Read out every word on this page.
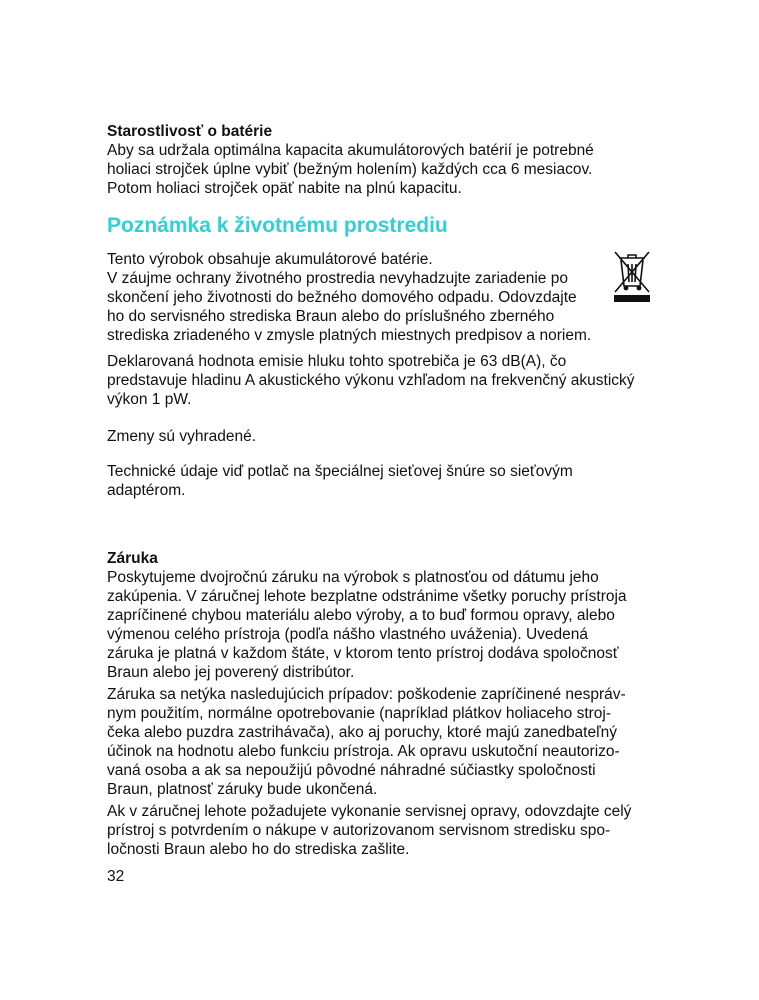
Starostlivosť o batérie
Aby sa udržala optimálna kapacita akumulátorových batérií je potrebné
holiaci strojček úplne vybiť (bežným holením) každých cca 6 mesiacov.
Potom holiaci strojček opäť nabite na plnú kapacitu.
Poznámka k životnému prostrediu
Tento výrobok obsahuje akumulátorové batérie.
V záujme ochrany životného prostredia nevyhadzujte zariadenie po
skončení jeho životnosti do bežného domového odpadu. Odovzdajte
ho do servisného strediska Braun alebo do príslušného zberného
strediska zriadeného v zmysle platných miestnych predpisov a noriem.
Deklarovaná hodnota emisie hluku tohto spotrebiča je 63 dB(A), čo
predstavuje hladinu A akustického výkonu vzhľadom na frekvenčný akustický
výkon 1 pW.
Zmeny sú vyhradené.
Technické údaje viď potlač na špeciálnej sieťovej šnúre so sieťovým
adaptérom.
Záruka
Poskytujeme dvojročnú záruku na výrobok s platnosťou od dátumu jeho
zakúpenia. V záručnej lehote bezplatne odstránime všetky poruchy prístroja
zapríčinené chybou materiálu alebo výroby, a to buď formou opravy, alebo
výmenou celého prístroja (podľa nášho vlastného uváženia). Uvedená
záruka je platná v každom štáte, v ktorom tento prístroj dodáva spoločnosť
Braun alebo jej poverený distribútor.
Záruka sa netýka nasledujúcich prípadov: poškodenie zapríčinené nespráv-
nym použitím, normálne opotrebovanie (napríklad plátkov holiaceho stroj-
čeka alebo puzdra zastrihávača), ako aj poruchy, ktoré majú zanedbateľný
účinok na hodnotu alebo funkciu prístroja. Ak opravu uskutoční neautorizo-
vaná osoba a ak sa nepoužijú pôvodné náhradné súčiastky spoločnosti
Braun, platnosť záruky bude ukončená.
Ak v záručnej lehote požadujete vykonanie servisnej opravy, odovzdajte celý
prístroj s potvrdením o nákupe v autorizovanom servisnom stredisku spo-
ločnosti Braun alebo ho do strediska zašlite.
32
